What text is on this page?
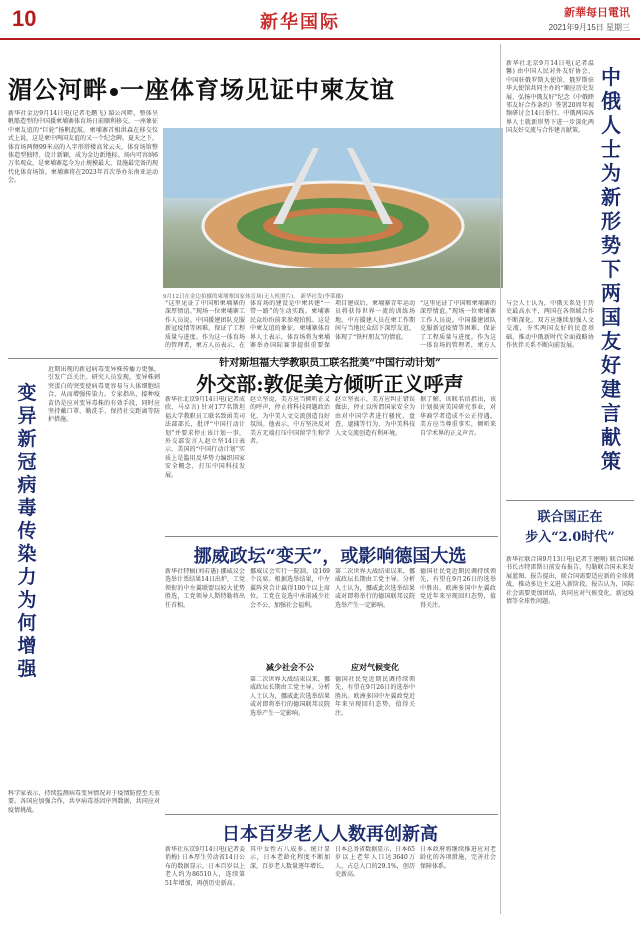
10	新华国际	新華每日電讯
2021年9月15日 星期三
湄公河畔 一座体育场见证中柬友谊
新华社金边9月14日电(记者毛鹏飞) 湄公河畔，整体呈帆船造型的中国援柬埔寨体育场日前顺利移交，一座象征中柬友谊的“巨轮”扬帆起航。柬埔寨首相洪森在移交仪式上说，这是柬中两国友谊的又一个纪念碑。夏天之下，体育场两侧99米高的入字形塔楼高耸云天，体育场馆整体造型独特、设计新颖，成为金边新地标。场内可容纳6万名观众，是柬埔寨迄今为止规模最大、设施最完备的现代化体育场馆。柬埔寨将在2023年首次举办东南亚运动会。
9月12日在金边拍摄的柬埔寨国家体育场(无人机照片)。 新华社发(李莱摄)
“这里见证了中国和柬埔寨的深厚情谊。”现场一位柬埔寨工作人员说。中国援建团队克服新冠疫情等困难，保证了工程质量与进度。作为这一体育场的管理者，柬方人员表示，在
体育场的建设是中柬共建“一带一路”的生动实践。柬埔寨民众纷纷前来参观拍照。这是中柬友谊的象征。柬埔寨体育界人士表示，体育场将为柬埔寨举办国际赛事提供重要保
项目建成后，柬埔寨青年运动员将获得世界一流的训练场地。中方援建人员在柬工作期间与当地民众结下深厚友谊，体现了“铁杆朋友”的情谊。
“这里见证了中国和柬埔寨的深厚情谊。”现场一位柬埔寨工作人员说。中国援建团队克服新冠疫情等困难，保证了工程质量与进度。作为这一体育场的管理者，柬方人
变异新冠病毒传染力为何增强
近期出现的新冠病毒变异株传播力更强，引发广泛关注。研究人员发现，变异株刺突蛋白的突变使病毒更容易与人体细胞结合，从而增强传染力。专家指出，接种疫苗仍是应对变异毒株的有效手段，同时应坚持戴口罩、勤洗手、保持社交距离等防护措施。
科学家表示，持续监测病毒变异情况对于疫情防控至关重要。各国应加强合作，共享病毒基因序列数据，共同应对疫情挑战。
针对斯坦福大学教职员工联名批美“中国行动计划”
外交部:敦促美方倾听正义呼声
新华社北京9月14日电(记者成欣、马卓言) 针对177名斯坦福大学教职员工联名致函美司法部部长，批评“中国行动计划”并要求停止该计划一事，外交部发言人赵立坚14日表示，美国的“中国行动计划”实质上是滥用反华势力编织国家安全概念，打压中国科技发展。
赵立坚说，美方应当倾听正义的呼声，停止将科技问题政治化，为中美人文交流创造良好氛围。他表示，中方坚决反对美方无端打压中国留学生和学者。
赵立坚表示，美方应纠正错误做法，停止以所谓国家安全为由对中国学者进行骚扰、盘查、逮捕等行为，为中美科技人文交流创造有利环境。
据了解，该联名信指出，该计划损害美国研究事业，对华裔学者造成不公正待遇。美方应当尊重事实，倾听来自学术界的正义声音。
挪威政坛“变天”，或影响德国大选
新华社特稿(刘若愚) 挪威议会选举计票结果14日出炉，工党领衔的中左翼联盟以较大优势胜选，工党领导人斯特勒将出任首相。
减少社会不公
挪威议会实行一院制，设169个议席。根据选举结果，中左翼阵营合计赢得100个以上席位。工党在竞选中承诺减少社会不公，加强社会福利。
第二次世界大战结束以来，挪威政坛长期由工党主导。分析人士认为，挪威此次选举结果或对即将举行的德国联邦议院选举产生一定影响。
应对气候变化
第二次世界大战结束以来，挪威政坛长期由工党主导。分析人士认为，挪威此次选举结果或对即将举行的德国联邦议院选举产生一定影响。
德国社民党近期民调持续领先，有望在9月26日的选举中胜出。欧洲多国中左翼政党近年来呈现回归态势，值得关注。
德国社民党近期民调持续领先，有望在9月26日的选举中胜出。欧洲多国中左翼政党近年来呈现回归态势，值得关注。
日本百岁老人人数再创新高
新华社东京9月14日电(记者姜俏梅) 日本厚生劳动省14日公布的数据显示，日本百岁以上老人约为86510人，连续第51年增加，再创历史新高。
其中女性占八成多。统计显示，日本老龄化程度不断加深，百岁老人数量逐年增长。
日本总务省数据显示，日本65岁以上老年人口达3640万人，占总人口的29.1%，创历史新高。
日本政府将继续推进应对老龄化的各项措施，完善社会保障体系。
新华社北京9月14日电(记者温馨) 由中国人民对外友好协会、中国驻俄罗斯大使馆、俄罗斯驻华大使馆共同主办的“顺应历史发展、弘扬中俄友好”纪念《中俄睦邻友好合作条约》签署20周年视频研讨会14日举行。中俄两国各界人士就新形势下进一步深化两国友好交流与合作建言献策。
中俄人士为新形势下两国友好建言献策
与会人士认为，中俄关系处于历史最高水平，两国在各领域合作不断深化。双方应继续加强人文交流，夯实两国友好的民意基础，推动中俄新时代全面战略协作伙伴关系不断向前发展。
联合国正在
步入“2.0时代”
新华社联合国9月13日电(记者王建刚) 联合国秘书长古特雷斯日前发布报告，勾勒联合国未来发展蓝图。报告提出，联合国需要适应新的全球挑战，推动多边主义进入新阶段。报告认为，国际社会需要更加团结，共同应对气候变化、新冠疫情等全球性问题。
